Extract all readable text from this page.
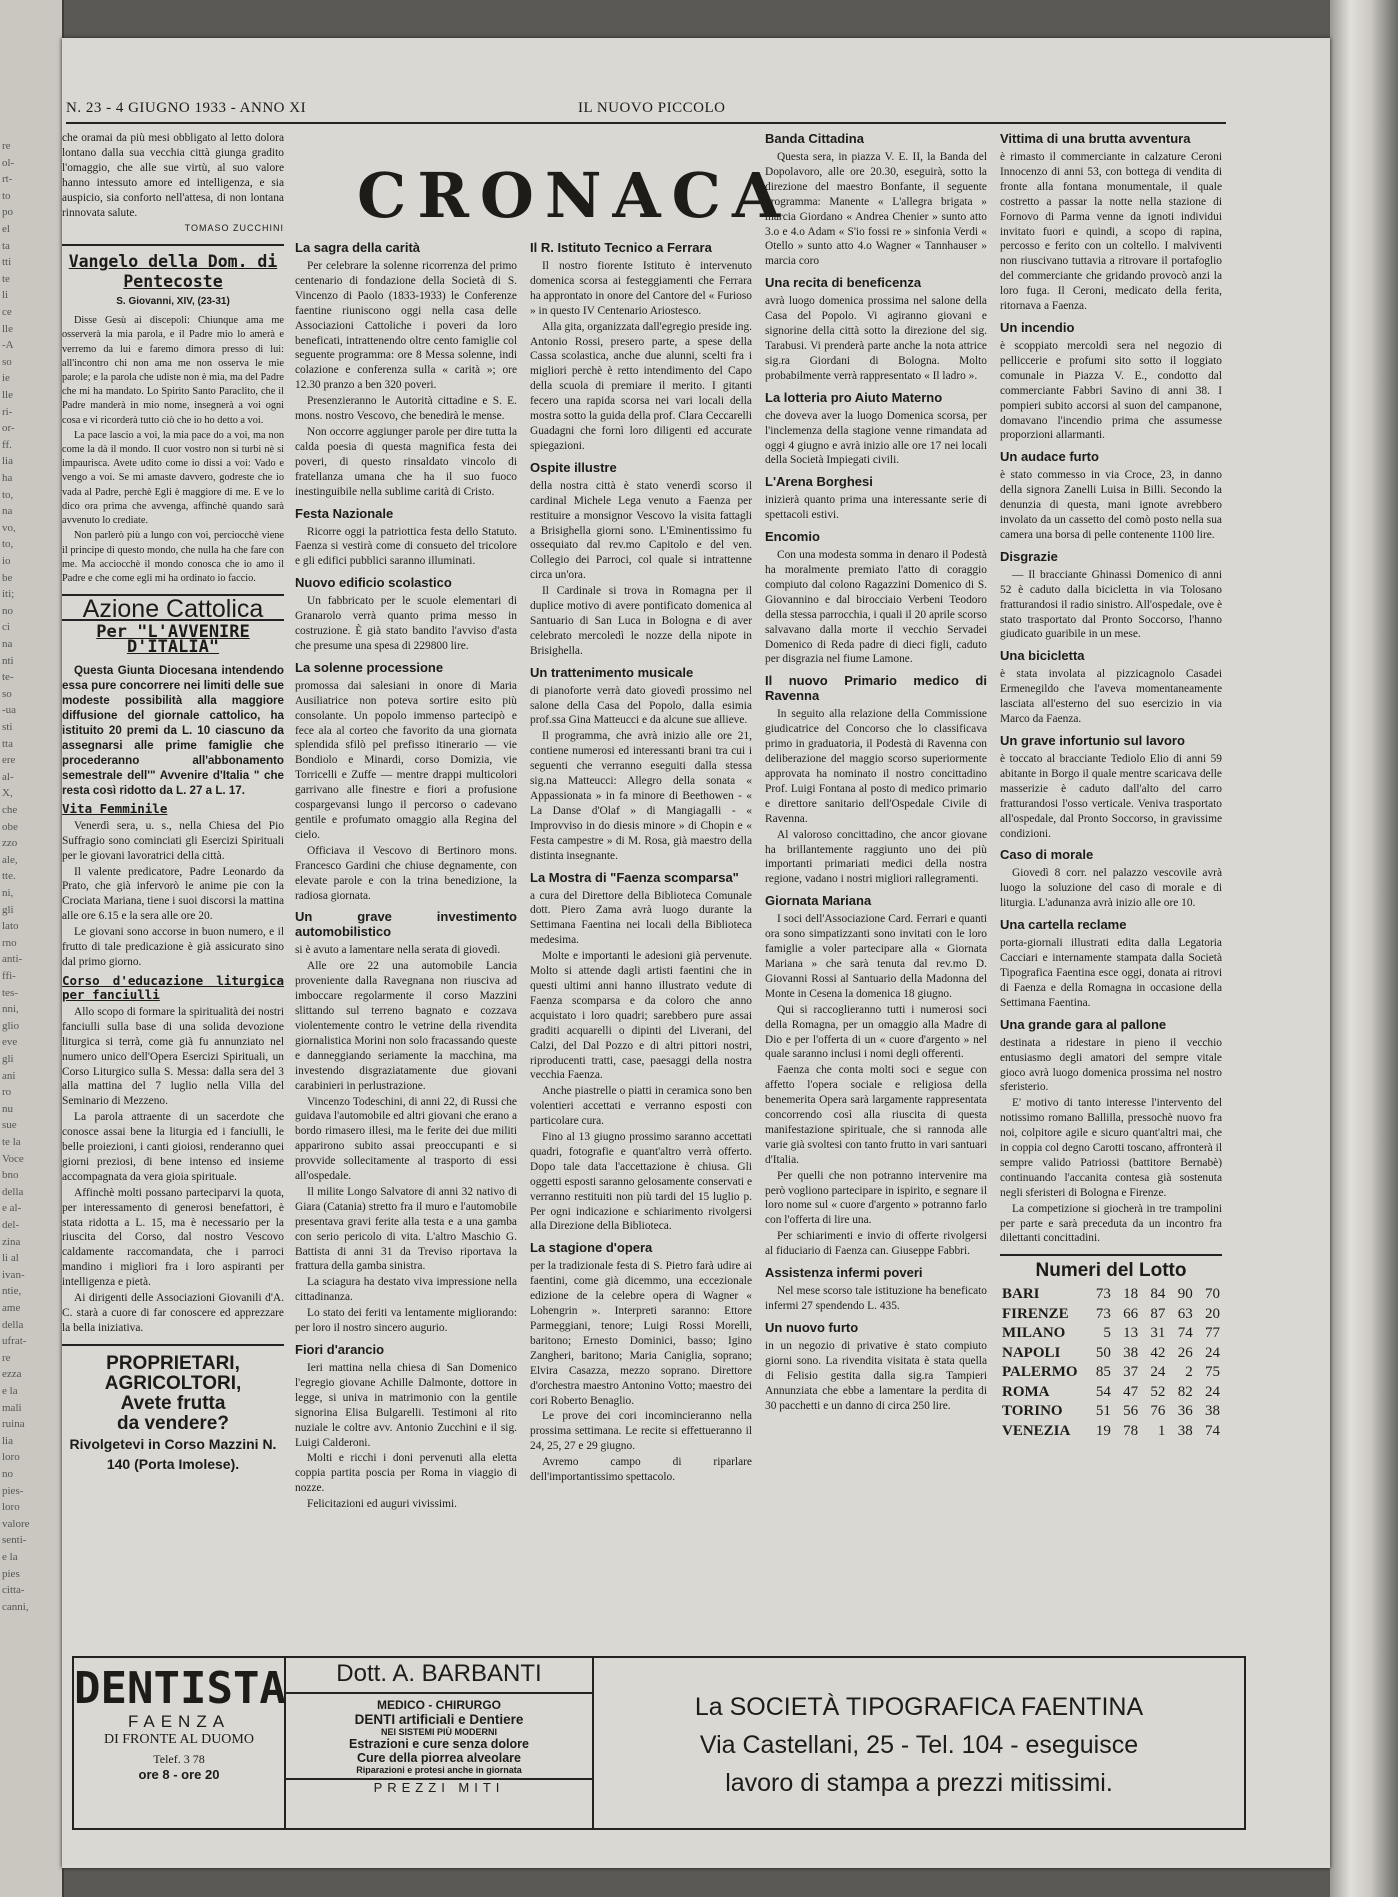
re
ol-
rt-
to
po
el
ta
tti
te
li
ce
lle
-A
so
ie
lle
ri-
or-
ff.
lia
ha
to,
na
vo,
to,
io
be
iti;
no
ci
na
nti
te-
so
-ua
sti
tta
ere
al-
X,
che
obe
zzo
ale,
tte.
ni,
gli
lato
rno
anti-
ffi-
tes-
nni,
glio
eve
gli
ani
ro
nu
sue
te la
Voce
bno
della
e al-
del-
zina
li al
ivan-
ntie,
ame
della
ufrat-
re
ezza
e la
mali
ruina
lia
loro
no
pies-
loro
valore
senti-
e la
pies
citta-
canni,
N. 23 - 4 GIUGNO 1933 - ANNO XI	IL NUOVO PICCOLO
CRONACA

che oramai da più mesi obbligato al letto dolora lontano dalla sua vecchia città giunga gradito l'omaggio, che alle sue virtù, al suo valore hanno intessuto amore ed intelligenza, e sia auspicio, sia conforto nell'attesa, di non lontana rinnovata salute.

TOMASO ZUCCHINI
Vangelo della Dom. di Pentecoste
S. Giovanni, XIV, (23-31)

Disse Gesù ai discepoli: Chiunque ama me osserverà la mia parola, e il Padre mio lo amerà e verremo da lui e faremo dimora presso di lui: all'incontro chi non ama me non osserva le mie parole; e la parola che udiste non è mia, ma del Padre che mi ha mandato. Lo Spirito Santo Paraclito, che il Padre manderà in mio nome, insegnerà a voi ogni cosa e vi ricorderà tutto ciò che io ho detto a voi.

La pace lascio a voi, la mia pace do a voi, ma non come la dà il mondo. Il cuor vostro non si turbi nè si impaurisca. Avete udito come io dissi a voi: Vado e vengo a voi. Se mi amaste davvero, godreste che io vada al Padre, perchè Egli è maggiore di me. E ve lo dico ora prima che avvenga, affinchè quando sarà avvenuto lo crediate.

Non parlerò più a lungo con voi, perciocchè viene il principe di questo mondo, che nulla ha che fare con me. Ma acciocchè il mondo conosca che io amo il Padre e che come egli mi ha ordinato io faccio.

Azione Cattolica
Per "L'AVVENIRE D'ITALIA"
Questa Giunta Diocesana intendendo essa pure concorrere nei limiti delle sue modeste possibilità alla maggiore diffusione del giornale cattolico, ha istituito 20 premi da L. 10 ciascuno da assegnarsi alle prime famiglie che procederanno all'abbonamento semestrale dell'" Avvenire d'Italia " che resta così ridotto da L. 27 a L. 17.
Vita Femminile

Venerdì sera, u. s., nella Chiesa del Pio Suffragio sono cominciati gli Esercizi Spirituali per le giovani lavoratrici della città.

Il valente predicatore, Padre Leonardo da Prato, che già infervorò le anime pie con la Crociata Mariana, tiene i suoi discorsi la mattina alle ore 6.15 e la sera alle ore 20.

Le giovani sono accorse in buon numero, e il frutto di tale predicazione è già assicurato sino dal primo giorno.

Corso d'educazione liturgica per fanciulli

Allo scopo di formare la spiritualità dei nostri fanciulli sulla base di una solida devozione liturgica si terrà, come già fu annunziato nel numero unico dell'Opera Esercizi Spirituali, un Corso Liturgico sulla S. Messa: dalla sera del 3 alla mattina del 7 luglio nella Villa del Seminario di Mezzeno.

La parola attraente di un sacerdote che conosce assai bene la liturgia ed i fanciulli, le belle proiezioni, i canti gioiosi, renderanno quei giorni preziosi, di bene intenso ed insieme accompagnata da vera gioia spirituale.

Affinchè molti possano parteciparvi la quota, per interessamento di generosi benefattori, è stata ridotta a L. 15, ma è necessario per la riuscita del Corso, dal nostro Vescovo caldamente raccomandata, che i parroci mandino i migliori fra i loro aspiranti per intelligenza e pietà.

Ai dirigenti delle Associazioni Giovanili d'A. C. starà a cuore di far conoscere ed apprezzare la bella iniziativa.

PROPRIETARI,
AGRICOLTORI,
Avete frutta
da vendere?
Rivolgetevi in Corso Mazzini N. 140 (Porta Imolese).
La sagra della carità

Per celebrare la solenne ricorrenza del primo centenario di fondazione della Società di S. Vincenzo di Paolo (1833-1933) le Conferenze faentine riuniscono oggi nella casa delle Associazioni Cattoliche i poveri da loro beneficati, intrattenendo oltre cento famiglie col seguente programma: ore 8 Messa solenne, indi colazione e conferenza sulla « carità »; ore 12.30 pranzo a ben 320 poveri.

Presenzieranno le Autorità cittadine e S. E. mons. nostro Vescovo, che benedirà le mense.

Non occorre aggiunger parole per dire tutta la calda poesia di questa magnifica festa dei poveri, di questo rinsaldato vincolo di fratellanza umana che ha il suo fuoco inestinguibile nella sublime carità di Cristo.

Festa Nazionale

Ricorre oggi la patriottica festa dello Statuto. Faenza si vestirà come di consueto del tricolore e gli edifici pubblici saranno illuminati.

Nuovo edificio scolastico

Un fabbricato per le scuole elementari di Granarolo verrà quanto prima messo in costruzione. È già stato bandito l'avviso d'asta che presume una spesa di 229800 lire.

La solenne processione

promossa dai salesiani in onore di Maria Ausiliatrice non poteva sortire esito più consolante. Un popolo immenso partecipò e fece ala al corteo che favorito da una giornata splendida sfilò pel prefisso itinerario — vie Bondiolo e Minardi, corso Domizia, vie Torricelli e Zuffe — mentre drappi multicolori garrivano alle finestre e fiori a profusione cospargevansi lungo il percorso o cadevano gentile e profumato omaggio alla Regina del cielo.

Officiava il Vescovo di Bertinoro mons. Francesco Gardini che chiuse degnamente, con elevate parole e con la trina benedizione, la radiosa giornata.

Un grave investimento automobilistico

si è avuto a lamentare nella serata di giovedì.

Alle ore 22 una automobile Lancia proveniente dalla Ravegnana non riusciva ad imboccare regolarmente il corso Mazzini slittando sul terreno bagnato e cozzava violentemente contro le vetrine della rivendita giornalistica Morini non solo fracassando queste e danneggiando seriamente la macchina, ma investendo disgraziatamente due giovani carabinieri in perlustrazione.

Vincenzo Todeschini, di anni 22, di Russi che guidava l'automobile ed altri giovani che erano a bordo rimasero illesi, ma le ferite dei due militi apparirono subito assai preoccupanti e si provvide sollecitamente al trasporto di essi all'ospedale.

Il milite Longo Salvatore di anni 32 nativo di Giara (Catania) stretto fra il muro e l'automobile presentava gravi ferite alla testa e a una gamba con serio pericolo di vita. L'altro Maschio G. Battista di anni 31 da Treviso riportava la frattura della gamba sinistra.

La sciagura ha destato viva impressione nella cittadinanza.

Lo stato dei feriti va lentamente migliorando: per loro il nostro sincero augurio.

Fiori d'arancio

Ieri mattina nella chiesa di San Domenico l'egregio giovane Achille Dalmonte, dottore in legge, si univa in matrimonio con la gentile signorina Elisa Bulgarelli. Testimoni al rito nuziale le coltre avv. Antonio Zucchini e il sig. Luigi Calderoni.

Molti e ricchi i doni pervenuti alla eletta coppia partita poscia per Roma in viaggio di nozze.

Felicitazioni ed auguri vivissimi.

Il R. Istituto Tecnico a Ferrara

Il nostro fiorente Istituto è intervenuto domenica scorsa ai festeggiamenti che Ferrara ha approntato in onore del Cantore del « Furioso » in questo IV Centenario Ariostesco.

Alla gita, organizzata dall'egregio preside ing. Antonio Rossi, presero parte, a spese della Cassa scolastica, anche due alunni, scelti fra i migliori perchè è retto intendimento del Capo della scuola di premiare il merito. I gitanti fecero una rapida scorsa nei vari locali della mostra sotto la guida della prof. Clara Ceccarelli Guadagni che fornì loro diligenti ed accurate spiegazioni.

Ospite illustre

della nostra città è stato venerdì scorso il cardinal Michele Lega venuto a Faenza per restituire a monsignor Vescovo la visita fattagli a Brisighella giorni sono. L'Eminentissimo fu ossequiato dal rev.mo Capitolo e del ven. Collegio dei Parroci, col quale si intrattenne circa un'ora.

Il Cardinale si trova in Romagna per il duplice motivo di avere pontificato domenica al Santuario di San Luca in Bologna e di aver celebrato mercoledì le nozze della nipote in Brisighella.

Un trattenimento musicale

di pianoforte verrà dato giovedì prossimo nel salone della Casa del Popolo, dalla esimia prof.ssa Gina Matteucci e da alcune sue allieve.

Il programma, che avrà inizio alle ore 21, contiene numerosi ed interessanti brani tra cui i seguenti che verranno eseguiti dalla stessa sig.na Matteucci: Allegro della sonata « Appassionata » in fa minore di Beethowen - « La Danse d'Olaf » di Mangiagalli - « Improvviso in do diesis minore » di Chopin e « Festa campestre » di M. Rosa, già maestro della distinta insegnante.

La Mostra di "Faenza scomparsa"

a cura del Direttore della Biblioteca Comunale dott. Piero Zama avrà luogo durante la Settimana Faentina nei locali della Biblioteca medesima.

Molte e importanti le adesioni già pervenute. Molto si attende dagli artisti faentini che in questi ultimi anni hanno illustrato vedute di Faenza scomparsa e da coloro che anno acquistato i loro quadri; sarebbero pure assai graditi acquarelli o dipinti del Liverani, del Calzi, del Dal Pozzo e di altri pittori nostri, riproducenti tratti, case, paesaggi della nostra vecchia Faenza.

Anche piastrelle o piatti in ceramica sono ben volentieri accettati e verranno esposti con particolare cura.

Fino al 13 giugno prossimo saranno accettati quadri, fotografie e quant'altro verrà offerto. Dopo tale data l'accettazione è chiusa. Gli oggetti esposti saranno gelosamente conservati e verranno restituiti non più tardi del 15 luglio p. Per ogni indicazione e schiarimento rivolgersi alla Direzione della Biblioteca.

La stagione d'opera

per la tradizionale festa di S. Pietro farà udire ai faentini, come già dicemmo, una eccezionale edizione de la celebre opera di Wagner « Lohengrin ». Interpreti saranno: Ettore Parmeggiani, tenore; Luigi Rossi Morelli, baritono; Ernesto Dominici, basso; Igino Zangheri, baritono; Maria Caniglia, soprano; Elvira Casazza, mezzo soprano. Direttore d'orchestra maestro Antonino Votto; maestro dei cori Roberto Benaglio.

Le prove dei cori incomincieranno nella prossima settimana. Le recite si effettueranno il 24, 25, 27 e 29 giugno.

Avremo campo di riparlare dell'importantissimo spettacolo.

Banda Cittadina

Questa sera, in piazza V. E. II, la Banda del Dopolavoro, alle ore 20.30, eseguirà, sotto la direzione del maestro Bonfante, il seguente programma: Manente « L'allegra brigata » marcia Giordano « Andrea Chenier » sunto atto 3.o e 4.o Adam « S'io fossi re » sinfonia Verdi « Otello » sunto atto 4.o Wagner « Tannhauser » marcia coro

Una recita di beneficenza

avrà luogo domenica prossima nel salone della Casa del Popolo. Vi agiranno giovani e signorine della città sotto la direzione del sig. Tarabusi. Vi prenderà parte anche la nota attrice sig.ra Giordani di Bologna. Molto probabilmente verrà rappresentato « Il ladro ».

La lotteria pro Aiuto Materno

che doveva aver la luogo Domenica scorsa, per l'inclemenza della stagione venne rimandata ad oggi 4 giugno e avrà inizio alle ore 17 nei locali della Società Impiegati civili.

L'Arena Borghesi

inizierà quanto prima una interessante serie di spettacoli estivi.

Encomio

Con una modesta somma in denaro il Podestà ha moralmente premiato l'atto di coraggio compiuto dal colono Ragazzini Domenico di S. Giovannino e dal birocciaio Verbeni Teodoro della stessa parrocchia, i quali il 20 aprile scorso salvavano dalla morte il vecchio Servadei Domenico di Reda padre di dieci figli, caduto per disgrazia nel fiume Lamone.

Il nuovo Primario medico di Ravenna

In seguito alla relazione della Commissione giudicatrice del Concorso che lo classificava primo in graduatoria, il Podestà di Ravenna con deliberazione del maggio scorso superiormente approvata ha nominato il nostro concittadino Prof. Luigi Fontana al posto di medico primario e direttore sanitario dell'Ospedale Civile di Ravenna.

Al valoroso concittadino, che ancor giovane ha brillantemente raggiunto uno dei più importanti primariati medici della nostra regione, vadano i nostri migliori rallegramenti.

Giornata Mariana

I soci dell'Associazione Card. Ferrari e quanti ora sono simpatizzanti sono invitati con le loro famiglie a voler partecipare alla « Giornata Mariana » che sarà tenuta dal rev.mo D. Giovanni Rossi al Santuario della Madonna del Monte in Cesena la domenica 18 giugno.

Qui si raccoglieranno tutti i numerosi soci della Romagna, per un omaggio alla Madre di Dio e per l'offerta di un « cuore d'argento » nel quale saranno inclusi i nomi degli offerenti.

Faenza che conta molti soci e segue con affetto l'opera sociale e religiosa della benemerita Opera sarà largamente rappresentata concorrendo così alla riuscita di questa manifestazione spirituale, che si rannoda alle varie già svoltesi con tanto frutto in vari santuari d'Italia.

Per quelli che non potranno intervenire ma però vogliono partecipare in ispirito, e segnare il loro nome sul « cuore d'argento » potranno farlo con l'offerta di lire una.

Per schiarimenti e invio di offerte rivolgersi al fiduciario di Faenza can. Giuseppe Fabbri.

Assistenza infermi poveri

Nel mese scorso tale istituzione ha beneficato infermi 27 spendendo L. 435.

Un nuovo furto

in un negozio di privative è stato compiuto giorni sono. La rivendita visitata è stata quella di Felisio gestita dalla sig.ra Tampieri Annunziata che ebbe a lamentare la perdita di 30 pacchetti e un danno di circa 250 lire.

Vittima di una brutta avventura

è rimasto il commerciante in calzature Ceroni Innocenzo di anni 53, con bottega di vendita di fronte alla fontana monumentale, il quale costretto a passar la notte nella stazione di Fornovo di Parma venne da ignoti individui invitato fuori e quindi, a scopo di rapina, percosso e ferito con un coltello. I malviventi non riuscivano tuttavia a ritrovare il portafoglio del commerciante che gridando provocò anzi la loro fuga. Il Ceroni, medicato della ferita, ritornava a Faenza.

Un incendio

è scoppiato mercoldì sera nel negozio di pelliccerie e profumi sito sotto il loggiato comunale in Piazza V. E., condotto dal commerciante Fabbri Savino di anni 38. I pompieri subito accorsi al suon del campanone, domavano l'incendio prima che assumesse proporzioni allarmanti.

Un audace furto

è stato commesso in via Croce, 23, in danno della signora Zanelli Luisa in Billi. Secondo la denunzia di questa, mani ignote avrebbero involato da un cassetto del comò posto nella sua camera una borsa di pelle contenente 1100 lire.

Disgrazie

— Il bracciante Ghinassi Domenico di anni 52 è caduto dalla bicicletta in via Tolosano fratturandosi il radio sinistro. All'ospedale, ove è stato trasportato dal Pronto Soccorso, l'hanno giudicato guaribile in un mese.

Una bicicletta

è stata involata al pizzicagnolo Casadei Ermenegildo che l'aveva momentaneamente lasciata all'esterno del suo esercizio in via Marco da Faenza.

Un grave infortunio sul lavoro

è toccato al bracciante Tediolo Elio di anni 59 abitante in Borgo il quale mentre scaricava delle masserizie è caduto dall'alto del carro fratturandosi l'osso verticale. Veniva trasportato all'ospedale, dal Pronto Soccorso, in gravissime condizioni.

Caso di morale

Giovedì 8 corr. nel palazzo vescovile avrà luogo la soluzione del caso di morale e di liturgia. L'adunanza avrà inizio alle ore 10.

Una cartella reclame

porta-giornali illustrati edita dalla Legatoria Cacciari e internamente stampata dalla Società Tipografica Faentina esce oggi, donata ai ritrovi di Faenza e della Romagna in occasione della Settimana Faentina.

Una grande gara al pallone

destinata a ridestare in pieno il vecchio entusiasmo degli amatori del sempre vitale gioco avrà luogo domenica prossima nel nostro sferisterio.

E' motivo di tanto interesse l'intervento del notissimo romano Ballilla, pressochè nuovo fra noi, colpitore agile e sicuro quant'altri mai, che in coppia col degno Carotti toscano, affronterà il sempre valido Patriossi (battitore Bernabè) continuando l'accanita contesa già sostenuta negli sferisteri di Bologna e Firenze.

La competizione si giocherà in tre trampolini per parte e sarà preceduta da un incontro fra dilettanti concittadini.

Numeri del Lotto
BARI	73	18	84	90	70
FIRENZE	73	66	87	63	20
MILANO	5	13	31	74	77
NAPOLI	50	38	42	26	24
PALERMO	85	37	24	2	75
ROMA	54	47	52	82	24
TORINO	51	56	76	36	38
VENEZIA	19	78	1	38	74
DENTISTA
FAENZA
DI FRONTE AL DUOMO
Telef. 3 78
ore 8 - ore 20
Dott. A. BARBANTI
MEDICO - CHIRURGO
DENTI artificiali e Dentiere
NEI SISTEMI PIÙ MODERNI
Estrazioni e cure senza dolore
Cure della piorrea alveolare
Riparazioni e protesi anche in giornata
PREZZI MITI
La SOCIETÀ TIPOGRAFICA FAENTINA
Via Castellani, 25 - Tel. 104 - eseguisce
lavoro di stampa a prezzi mitissimi.
